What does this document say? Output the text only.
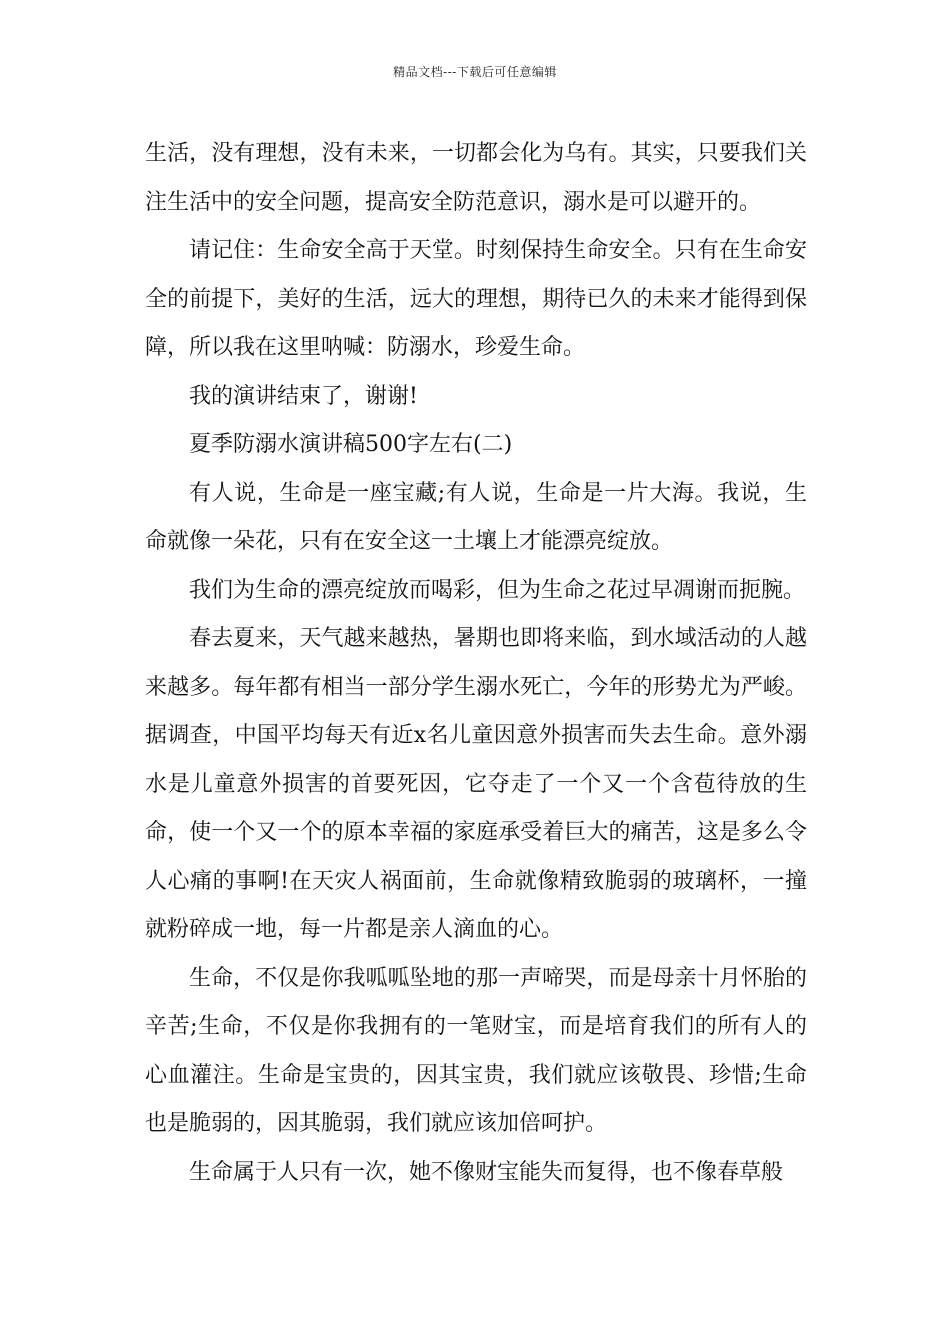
精品文档---下载后可任意编辑

生活，没有理想，没有未来，一切都会化为乌有。其实，只要我们关注生活中的安全问题，提高安全防范意识，溺水是可以避开的。

请记住：生命安全高于天堂。时刻保持生命安全。只有在生命安全的前提下，美好的生活，远大的理想，期待已久的未来才能得到保障，所以我在这里呐喊：防溺水，珍爱生命。

我的演讲结束了，谢谢!

夏季防溺水演讲稿500字左右(二)

有人说，生命是一座宝藏;有人说，生命是一片大海。我说，生命就像一朵花，只有在安全这一土壤上才能漂亮绽放。

我们为生命的漂亮绽放而喝彩，但为生命之花过早凋谢而扼腕。

春去夏来，天气越来越热，暑期也即将来临，到水域活动的人越来越多。每年都有相当一部分学生溺水死亡，今年的形势尤为严峻。据调查，中国平均每天有近x名儿童因意外损害而失去生命。意外溺水是儿童意外损害的首要死因，它夺走了一个又一个含苞待放的生命，使一个又一个的原本幸福的家庭承受着巨大的痛苦，这是多么令人心痛的事啊!在天灾人祸面前，生命就像精致脆弱的玻璃杯，一撞就粉碎成一地，每一片都是亲人滴血的心。

生命，不仅是你我呱呱坠地的那一声啼哭，而是母亲十月怀胎的辛苦;生命，不仅是你我拥有的一笔财宝，而是培育我们的所有人的心血灌注。生命是宝贵的，因其宝贵，我们就应该敬畏、珍惜;生命也是脆弱的，因其脆弱，我们就应该加倍呵护。

生命属于人只有一次，她不像财宝能失而复得，也不像春草般
